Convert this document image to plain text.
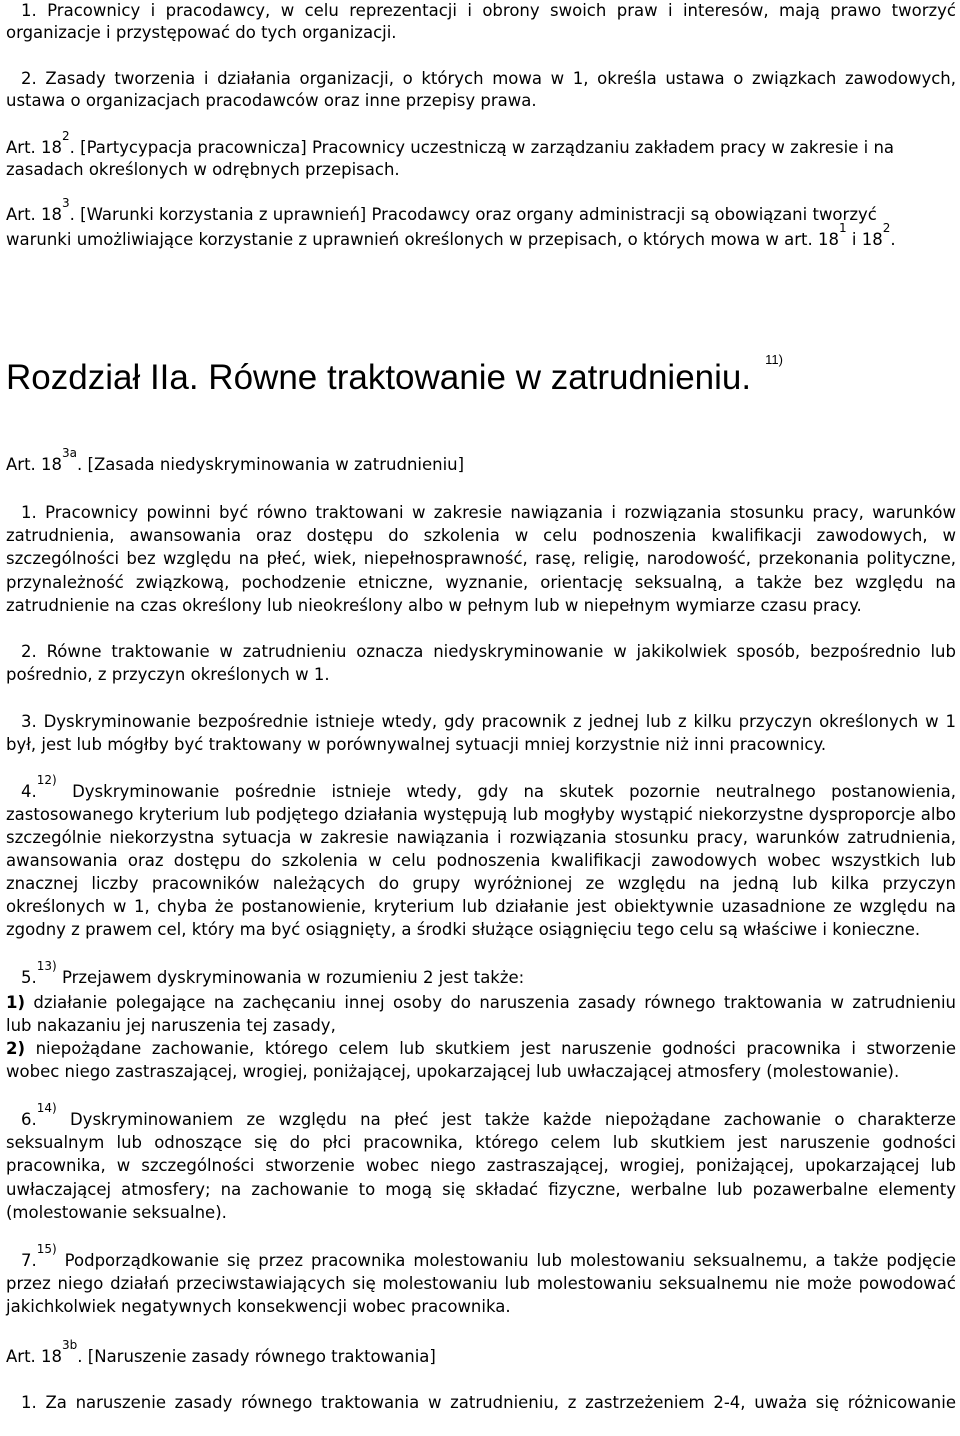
1. Pracownicy i pracodawcy, w celu reprezentacji i obrony swoich praw i interesów, mają prawo tworzyć
organizacje i przystępować do tych organizacji.
2. Zasady tworzenia i działania organizacji, o których mowa w 1, określa ustawa o związkach zawodowych,
ustawa o organizacjach pracodawców oraz inne przepisy prawa.
Art. $18^2$. [Partycypacja pracownicza] Pracownicy uczestniczą w zarządzaniu zakładem pracy w zakresie i na
zasadach określonych w odrębnych przepisach.
Art. $18^3$. [Warunki korzystania z uprawnień] Pracodawcy oraz organy administracji są obowiązani tworzyć
warunki umożliwiające korzystanie z uprawnień określonych w przepisach, o których mowa w art. $18^1$ i $18^2$.
Rozdział IIa. Równe traktowanie w zatrudnieniu. $^{11)}$
Art. $18^{3a}$. [Zasada niedyskryminowania w zatrudnieniu]
1. Pracownicy powinni być równo traktowani w zakresie nawiązania i rozwiązania stosunku pracy, warunków
zatrudnienia, awansowania oraz dostępu do szkolenia w celu podnoszenia kwalifikacji zawodowych, w
szczególności bez względu na płeć, wiek, niepełnosprawność, rasę, religię, narodowość, przekonania polityczne,
przynależność związkową, pochodzenie etniczne, wyznanie, orientację seksualną, a także bez względu na
zatrudnienie na czas określony lub nieokreślony albo w pełnym lub w niepełnym wymiarze czasu pracy.
2. Równe traktowanie w zatrudnieniu oznacza niedyskryminowanie w jakikolwiek sposób, bezpośrednio lub
pośrednio, z przyczyn określonych w 1.
3. Dyskryminowanie bezpośrednie istnieje wtedy, gdy pracownik z jednej lub z kilku przyczyn określonych w 1
był, jest lub mógłby być traktowany w porównywalnej sytuacji mniej korzystnie niż inni pracownicy.
4.$^{12)}$ Dyskryminowanie pośrednie istnieje wtedy, gdy na skutek pozornie neutralnego postanowienia,
zastosowanego kryterium lub podjętego działania występują lub mogłyby wystąpić niekorzystne dysproporcje albo
szczególnie niekorzystna sytuacja w zakresie nawiązania i rozwiązania stosunku pracy, warunków zatrudnienia,
awansowania oraz dostępu do szkolenia w celu podnoszenia kwalifikacji zawodowych wobec wszystkich lub
znacznej liczby pracowników należących do grupy wyróżnionej ze względu na jedną lub kilka przyczyn
określonych w 1, chyba że postanowienie, kryterium lub działanie jest obiektywnie uzasadnione ze względu na
zgodny z prawem cel, który ma być osiągnięty, a środki służące osiągnięciu tego celu są właściwe i konieczne.
5.$^{13)}$ Przejawem dyskryminowania w rozumieniu 2 jest także:
1) działanie polegające na zachęcaniu innej osoby do naruszenia zasady równego traktowania w zatrudnieniu
lub nakazaniu jej naruszenia tej zasady,
2) niepożądane zachowanie, którego celem lub skutkiem jest naruszenie godności pracownika i stworzenie
wobec niego zastraszającej, wrogiej, poniżającej, upokarzającej lub uwłaczającej atmosfery (molestowanie).
6.$^{14)}$ Dyskryminowaniem ze względu na płeć jest także każde niepożądane zachowanie o charakterze
seksualnym lub odnoszące się do płci pracownika, którego celem lub skutkiem jest naruszenie godności
pracownika, w szczególności stworzenie wobec niego zastraszającej, wrogiej, poniżającej, upokarzającej lub
uwłaczającej atmosfery; na zachowanie to mogą się składać fizyczne, werbalne lub pozawerbalne elementy
(molestowanie seksualne).
7.$^{15)}$ Podporządkowanie się przez pracownika molestowaniu lub molestowaniu seksualnemu, a także podjęcie
przez niego działań przeciwstawiających się molestowaniu lub molestowaniu seksualnemu nie może powodować
jakichkolwiek negatywnych konsekwencji wobec pracownika.
Art. $18^{3b}$. [Naruszenie zasady równego traktowania]
1. Za naruszenie zasady równego traktowania w zatrudnieniu, z zastrzeżeniem 2-4, uważa się różnicowanie
